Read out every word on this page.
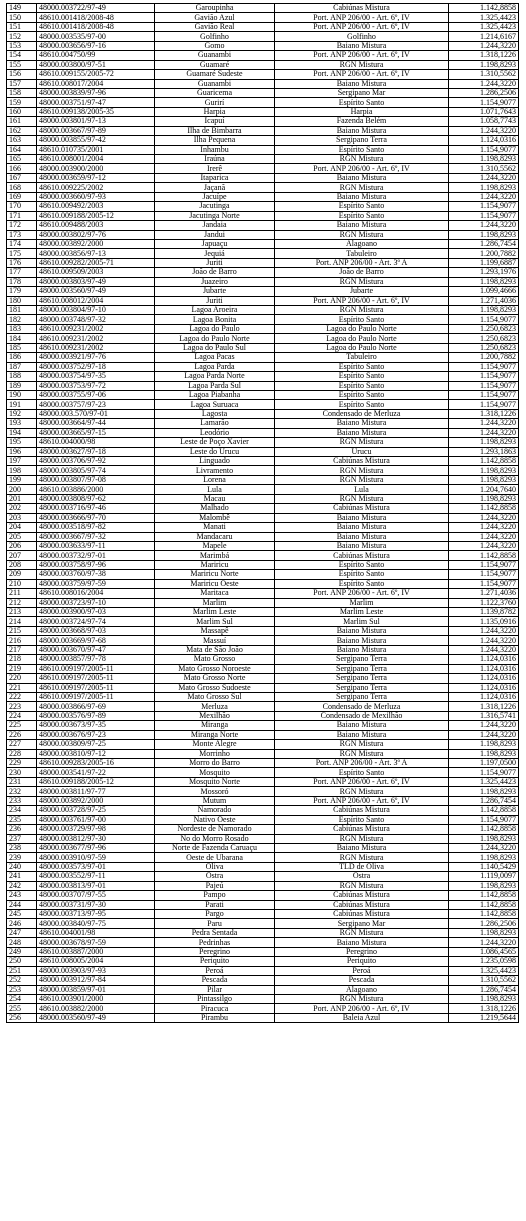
149	48000.003722/97-49	Garoupinha	Cabiúnas Mistura	1.142,8858
150	48610.001418/2008-48	Gavião Azul	Port. ANP 206/00 - Art. 6º, IV	1.325,4423
151	48610.001418/2008-48	Gavião Real	Port. ANP 206/00 - Art. 6º, IV	1.325,4423
152	48000.003535/97-00	Golfinho	Golfinho	1.214,6167
153	48000.003656/97-16	Gomo	Baiano Mistura	1.244,3220
154	48610.004750/99	Guanambi	Port. ANP 206/00 - Art. 6º, IV	1.318,1226
155	48000.003800/97-51	Guamaré	RGN Mistura	1.198,8293
156	48610.009155/2005-72	Guamaré Sudeste	Port. ANP 206/00 - Art. 6º, IV	1.310,5562
157	48610.008017/2004	Guanambi	Baiano Mistura	1.244,3220
158	48000.003839/97-96	Guaricema	Sergipano Mar	1.286,2506
159	48000.003751/97-47	Gurirí	Espírito Santo	1.154,9077
160	48610.009138/2005-35	Harpia	Harpia	1.071,7643
161	48000.003801/97-13	Icapuí	Fazenda Belém	1.058,7743
162	48000.003667/97-89	Ilha de Bimbarra	Baiano Mistura	1.244,3220
163	48000.003855/97-42	Ilha Pequena	Sergipano Terra	1.124,0316
164	48610.010735/2001	Inhambu	Espírito Santo	1.154,9077
165	48610.008001/2004	Iraúna	RGN Mistura	1.198,8293
166	48000.003900/2000	Irerê	Port. ANP 206/00 - Art. 6º, IV	1.310,5562
167	48000.003659/97-12	Itaparica	Baiano Mistura	1.244,3220
168	48610.009225/2002	Jaçanã	RGN Mistura	1.198,8293
169	48000.003660/97-93	Jacuípe	Baiano Mistura	1.244,3220
170	48610.009492/2003	Jacutinga	Espírito Santo	1.154,9077
171	48610.009188/2005-12	Jacutinga Norte	Espírito Santo	1.154,9077
172	48610.009488/2003	Jandaia	Baiano Mistura	1.244,3220
173	48000.003802/97-76	Jandui	RGN Mistura	1.198,8293
174	48000.003892/2000	Japuaçu	Alagoano	1.286,7454
175	48000.003856/97-13	Jequiá	Tabuleiro	1.200,7882
176	48610.009282/2005-71	Juriti	Port. ANP 206/00 - Art. 3º A	1.199,6887
177	48610.009509/2003	João de Barro	João de Barro	1.293,1976
178	48000.003803/97-49	Juazeiro	RGN Mistura	1.198,8293
179	48000.003560/97-49	Jubarte	Jubarte	1.099,4666
180	48610.008012/2004	Juriti	Port. ANP 206/00 - Art. 6º, IV	1.271,4036
181	48000.003804/97-10	Lagoa Aroeira	RGN Mistura	1.198,8293
182	48000.003748/97-32	Lagoa Bonita	Espírito Santo	1.154,9077
183	48610.009231/2002	Lagoa do Paulo	Lagoa do Paulo Norte	1.250,6823
184	48610.009231/2002	Lagoa do Paulo Norte	Lagoa do Paulo Norte	1.250,6823
185	48610.009231/2002	Lagoa do Paulo Sul	Lagoa do Paulo Norte	1.250,6823
186	48000.003921/97-76	Lagoa Pacas	Tabuleiro	1.200,7882
187	48000.003752/97-18	Lagoa Parda	Espírito Santo	1.154,9077
188	48000.003754/97-35	Lagoa Parda Norte	Espírito Santo	1.154,9077
189	48000.003753/97-72	Lagoa Parda Sul	Espírito Santo	1.154,9077
190	48000.003755/97-06	Lagoa Piabanha	Espírito Santo	1.154,9077
191	48000.003757/97-23	Lagoa Suruaca	Espírito Santo	1.154,9077
192	48000.003.570/97-01	Lagosta	Condensado de Merluza	1.318,1226
193	48000.003664/97-44	Lamarão	Baiano Mistura	1.244,3220
194	48000.003665/97-15	Leodório	Baiano Mistura	1.244,3220
195	48610.004000/98	Leste de Poço Xavier	RGN Mistura	1.198,8293
196	48000.003627/97-18	Leste do Urucu	Urucu	1.293,1863
197	48000.003706/97-92	Linguado	Cabiúnas Mistura	1.142,8858
198	48000.003805/97-74	Livramento	RGN Mistura	1.198,8293
199	48000.003807/97-08	Lorena	RGN Mistura	1.198,8293
200	48610.003886/2000	Lula	Lula	1.204,7640
201	48000.003808/97-62	Macau	RGN Mistura	1.198,8293
202	48000.003716/97-46	Malhado	Cabiúnas Mistura	1.142,8858
203	48000.003666/97-70	Malombê	Baiano Mistura	1.244,3220
204	48000.003518/97-82	Manati	Baiano Mistura	1.244,3220
205	48000.003667/97-32	Mandacaru	Baiano Mistura	1.244,3220
206	48000.003633/97-11	Mapele	Baiano Mistura	1.244,3220
207	48000.003732/97-01	Marimbá	Cabiúnas Mistura	1.142,8858
208	48000.003758/97-96	Mariricu	Espírito Santo	1.154,9077
209	48000.003760/97-38	Mariricu Norte	Espírito Santo	1.154,9077
210	48000.003759/97-59	Mariricu Oeste	Espírito Santo	1.154,9077
211	48610.008016/2004	Maritaca	Port. ANP 206/00 - Art. 6º, IV	1.271,4036
212	48000.003723/97-10	Marlim	Marlim	1.122,3760
213	48000.003900/97-03	Marlim Leste	Marlim Leste	1.139,8782
214	48000.003724/97-74	Marlim Sul	Marlim Sul	1.135,0916
215	48000.003668/97-03	Massapê	Baiano Mistura	1.244,3220
216	48000.003669/97-68	Massuí	Baiano Mistura	1.244,3220
217	48000.003670/97-47	Mata de São João	Baiano Mistura	1.244,3220
218	48000.003857/97-78	Mato Grosso	Sergipano Terra	1.124,0316
219	48610.009197/2005-11	Mato Grosso Noroeste	Sergipano Terra	1.124,0316
220	48610.009197/2005-11	Mato Grosso Norte	Sergipano Terra	1.124,0316
221	48610.009197/2005-11	Mato Grosso Sudoeste	Sergipano Terra	1.124,0316
222	48610.009197/2005-11	Mato Grosso Sul	Sergipano Terra	1.124,0316
223	48000.003866/97-69	Merluza	Condensado de Merluza	1.318,1226
224	48000.003576/97-89	Mexilhão	Condensado de Mexilhão	1.316,5741
225	48000.003673/97-35	Miranga	Baiano Mistura	1.244,3220
226	48000.003676/97-23	Miranga Norte	Baiano Mistura	1.244,3220
227	48000.003809/97-25	Monte Alegre	RGN Mistura	1.198,8293
228	48000.003810/97-12	Morrinho	RGN Mistura	1.198,8293
229	48610.009283/2005-16	Morro do Barro	Port. ANP 206/00 - Art. 3º A	1.197,0500
230	48000.003541/97-22	Mosquito	Espírito Santo	1.154,9077
231	48610.009188/2005-12	Mosquito Norte	Port. ANP 206/00 - Art. 6º, IV	1.325,4423
232	48000.003811/97-77	Mossoró	RGN Mistura	1.198,8293
233	48000.003892/2000	Mutum	Port. ANP 206/00 - Art. 6º, IV	1.286,7454
234	48000.003728/97-25	Namorado	Cabiúnas Mistura	1.142,8858
235	48000.003761/97-00	Nativo Oeste	Espírito Santo	1.154,9077
236	48000.003729/97-98	Nordeste de Namorado	Cabiúnas Mistura	1.142,8858
237	48000.003812/97-30	No do Morro Rosado	RGN Mistura	1.198,8293
238	48000.003677/97-96	Norte de Fazenda Caruaçu	Baiano Mistura	1.244,3220
239	48000.003910/97-59	Oeste de Ubarana	RGN Mistura	1.198,8293
240	48000.003573/97-01	Oliva	TLD de Oliva	1.140,5429
241	48000.003552/97-11	Ostra	Ostra	1.119,0097
242	48000.003813/97-01	Pajeú	RGN Mistura	1.198,8293
243	48000.003707/97-55	Pampo	Cabiúnas Mistura	1.142,8858
244	48000.003731/97-30	Parati	Cabiúnas Mistura	1.142,8858
245	48000.003713/97-95	Pargo	Cabiúnas Mistura	1.142,8858
246	48000.003840/97-75	Paru	Sergipano Mar	1.286,2506
247	48610.004001/98	Pedra Sentada	RGN Mistura	1.198,8293
248	48000.003678/97-59	Pedrinhas	Baiano Mistura	1.244,3220
249	48610.003887/2000	Peregrino	Peregrino	1.086,4565
250	48610.008005/2004	Periquito	Periquito	1.235,0598
251	48000.003903/97-93	Peroá	Peroá	1.325,4423
252	48000.003912/97-84	Pescada	Pescada	1.310,5562
253	48000.003859/97-01	Pilar	Alagoano	1.286,7454
254	48610.003901/2000	Pintassilgo	RGN Mistura	1.198,8293
255	48610.003882/2000	Piracuca	Port. ANP 206/00 - Art. 6º, IV	1.318,1226
256	48000.003560/97-49	Pirambu	Baleia Azul	1.219,5644
